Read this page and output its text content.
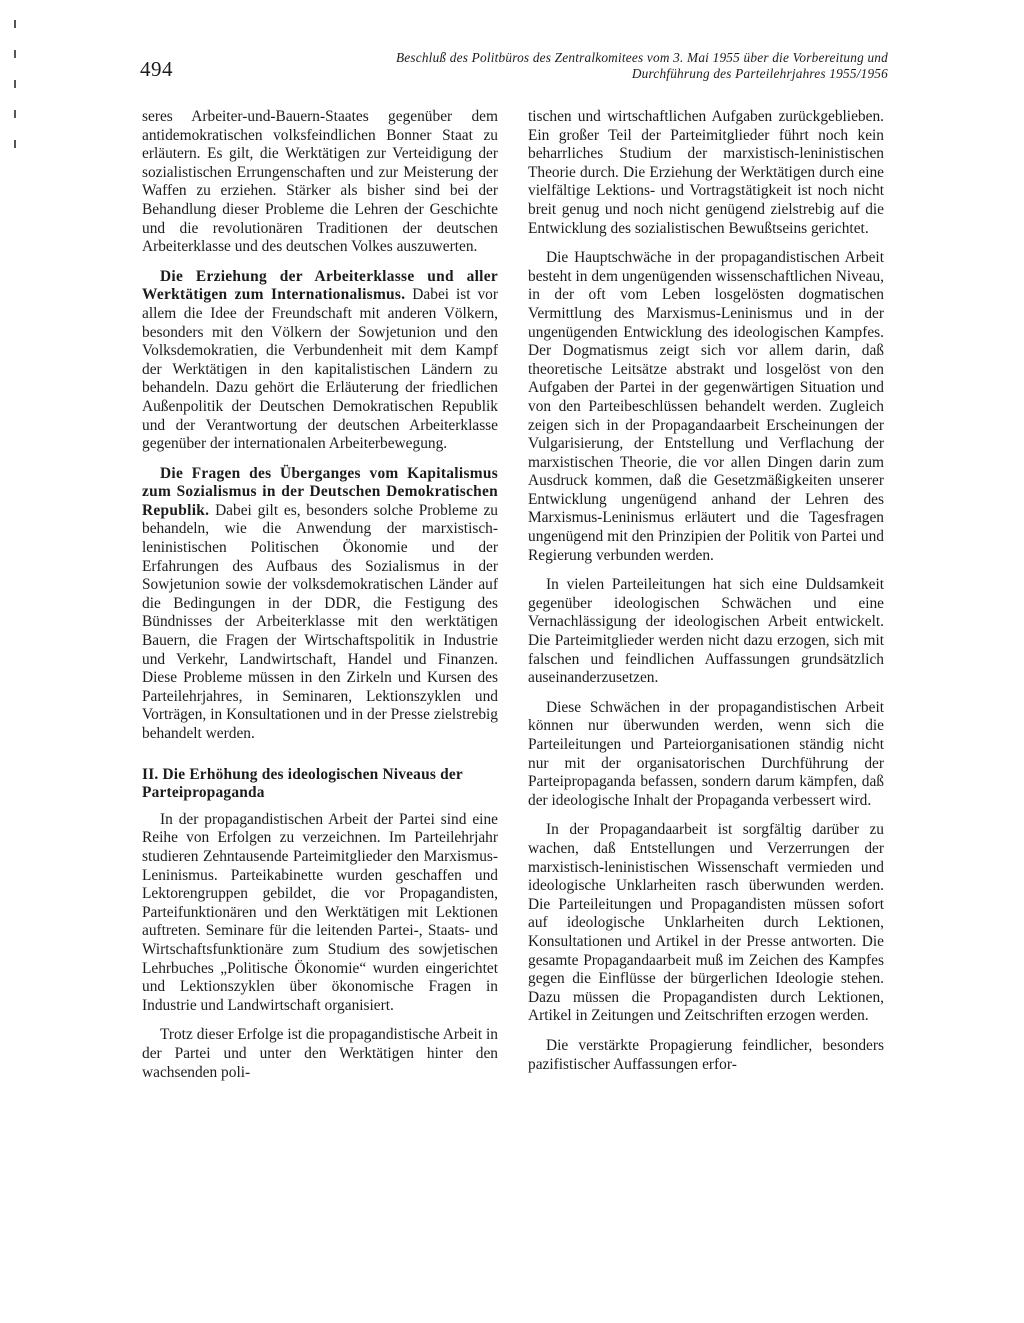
494	Beschluß des Politbüros des Zentralkomitees vom 3. Mai 1955 über die Vorbereitung und
Durchführung des Parteilehrjahres 1955/1956

seres Arbeiter-und-Bauern-Staates gegenüber dem antidemokratischen volksfeindlichen Bonner Staat zu erläutern. Es gilt, die Werktätigen zur Verteidigung der sozialistischen Errungenschaften und zur Meisterung der Waffen zu erziehen. Stärker als bisher sind bei der Behandlung dieser Probleme die Lehren der Geschichte und die revolutionären Traditionen der deutschen Arbeiterklasse und des deutschen Volkes auszuwerten.

Die Erziehung der Arbeiterklasse und aller Werktätigen zum Internationalismus. Dabei ist vor allem die Idee der Freundschaft mit anderen Völkern, besonders mit den Völkern der Sowjetunion und den Volksdemokratien, die Verbundenheit mit dem Kampf der Werktätigen in den kapitalistischen Ländern zu behandeln. Dazu gehört die Erläuterung der friedlichen Außenpolitik der Deutschen Demokratischen Republik und der Verantwortung der deutschen Arbeiterklasse gegenüber der internationalen Arbeiterbewegung.

Die Fragen des Überganges vom Kapitalismus zum Sozialismus in der Deutschen Demokratischen Republik. Dabei gilt es, besonders solche Probleme zu behandeln, wie die Anwendung der marxistisch-leninistischen Politischen Ökonomie und der Erfahrungen des Aufbaus des Sozialismus in der Sowjetunion sowie der volksdemokratischen Länder auf die Bedingungen in der DDR, die Festigung des Bündnisses der Arbeiterklasse mit den werktätigen Bauern, die Fragen der Wirtschaftspolitik in Industrie und Verkehr, Landwirtschaft, Handel und Finanzen. Diese Probleme müssen in den Zirkeln und Kursen des Parteilehrjahres, in Seminaren, Lektionszyklen und Vorträgen, in Konsultationen und in der Presse zielstrebig behandelt werden.

II. Die Erhöhung des ideologischen Niveaus der Parteipropaganda

In der propagandistischen Arbeit der Partei sind eine Reihe von Erfolgen zu verzeichnen. Im Parteilehrjahr studieren Zehntausende Parteimitglieder den Marxismus-Leninismus. Parteikabinette wurden geschaffen und Lektorengruppen gebildet, die vor Propagandisten, Parteifunktionären und den Werktätigen mit Lektionen auftreten. Seminare für die leitenden Partei-, Staats- und Wirtschaftsfunktionäre zum Studium des sowjetischen Lehrbuches „Politische Ökonomie“ wurden eingerichtet und Lektionszyklen über ökonomische Fragen in Industrie und Landwirtschaft organisiert.

Trotz dieser Erfolge ist die propagandistische Arbeit in der Partei und unter den Werktätigen hinter den wachsenden poli-

tischen und wirtschaftlichen Aufgaben zurückgeblieben. Ein großer Teil der Parteimitglieder führt noch kein beharrliches Studium der marxistisch-leninistischen Theorie durch. Die Erziehung der Werktätigen durch eine vielfältige Lektions- und Vortragstätigkeit ist noch nicht breit genug und noch nicht genügend zielstrebig auf die Entwicklung des sozialistischen Bewußtseins gerichtet.

Die Hauptschwäche in der propagandistischen Arbeit besteht in dem ungenügenden wissenschaftlichen Niveau, in der oft vom Leben losgelösten dogmatischen Vermittlung des Marxismus-Leninismus und in der ungenügenden Entwicklung des ideologischen Kampfes. Der Dogmatismus zeigt sich vor allem darin, daß theoretische Leitsätze abstrakt und losgelöst von den Aufgaben der Partei in der gegenwärtigen Situation und von den Parteibeschlüssen behandelt werden. Zugleich zeigen sich in der Propagandaarbeit Erscheinungen der Vulgarisierung, der Entstellung und Verflachung der marxistischen Theorie, die vor allen Dingen darin zum Ausdruck kommen, daß die Gesetzmäßigkeiten unserer Entwicklung ungenügend anhand der Lehren des Marxismus-Leninismus erläutert und die Tagesfragen ungenügend mit den Prinzipien der Politik von Partei und Regierung verbunden werden.

In vielen Parteileitungen hat sich eine Duldsamkeit gegenüber ideologischen Schwächen und eine Vernachlässigung der ideologischen Arbeit entwickelt. Die Parteimitglieder werden nicht dazu erzogen, sich mit falschen und feindlichen Auffassungen grundsätzlich auseinanderzusetzen.

Diese Schwächen in der propagandistischen Arbeit können nur überwunden werden, wenn sich die Parteileitungen und Parteiorganisationen ständig nicht nur mit der organisatorischen Durchführung der Parteipropaganda befassen, sondern darum kämpfen, daß der ideologische Inhalt der Propaganda verbessert wird.

In der Propagandaarbeit ist sorgfältig darüber zu wachen, daß Entstellungen und Verzerrungen der marxistisch-leninistischen Wissenschaft vermieden und ideologische Unklarheiten rasch überwunden werden. Die Parteileitungen und Propagandisten müssen sofort auf ideologische Unklarheiten durch Lektionen, Konsultationen und Artikel in der Presse antworten. Die gesamte Propagandaarbeit muß im Zeichen des Kampfes gegen die Einflüsse der bürgerlichen Ideologie stehen. Dazu müssen die Propagandisten durch Lektionen, Artikel in Zeitungen und Zeitschriften erzogen werden.

Die verstärkte Propagierung feindlicher, besonders pazifistischer Auffassungen erfor-
